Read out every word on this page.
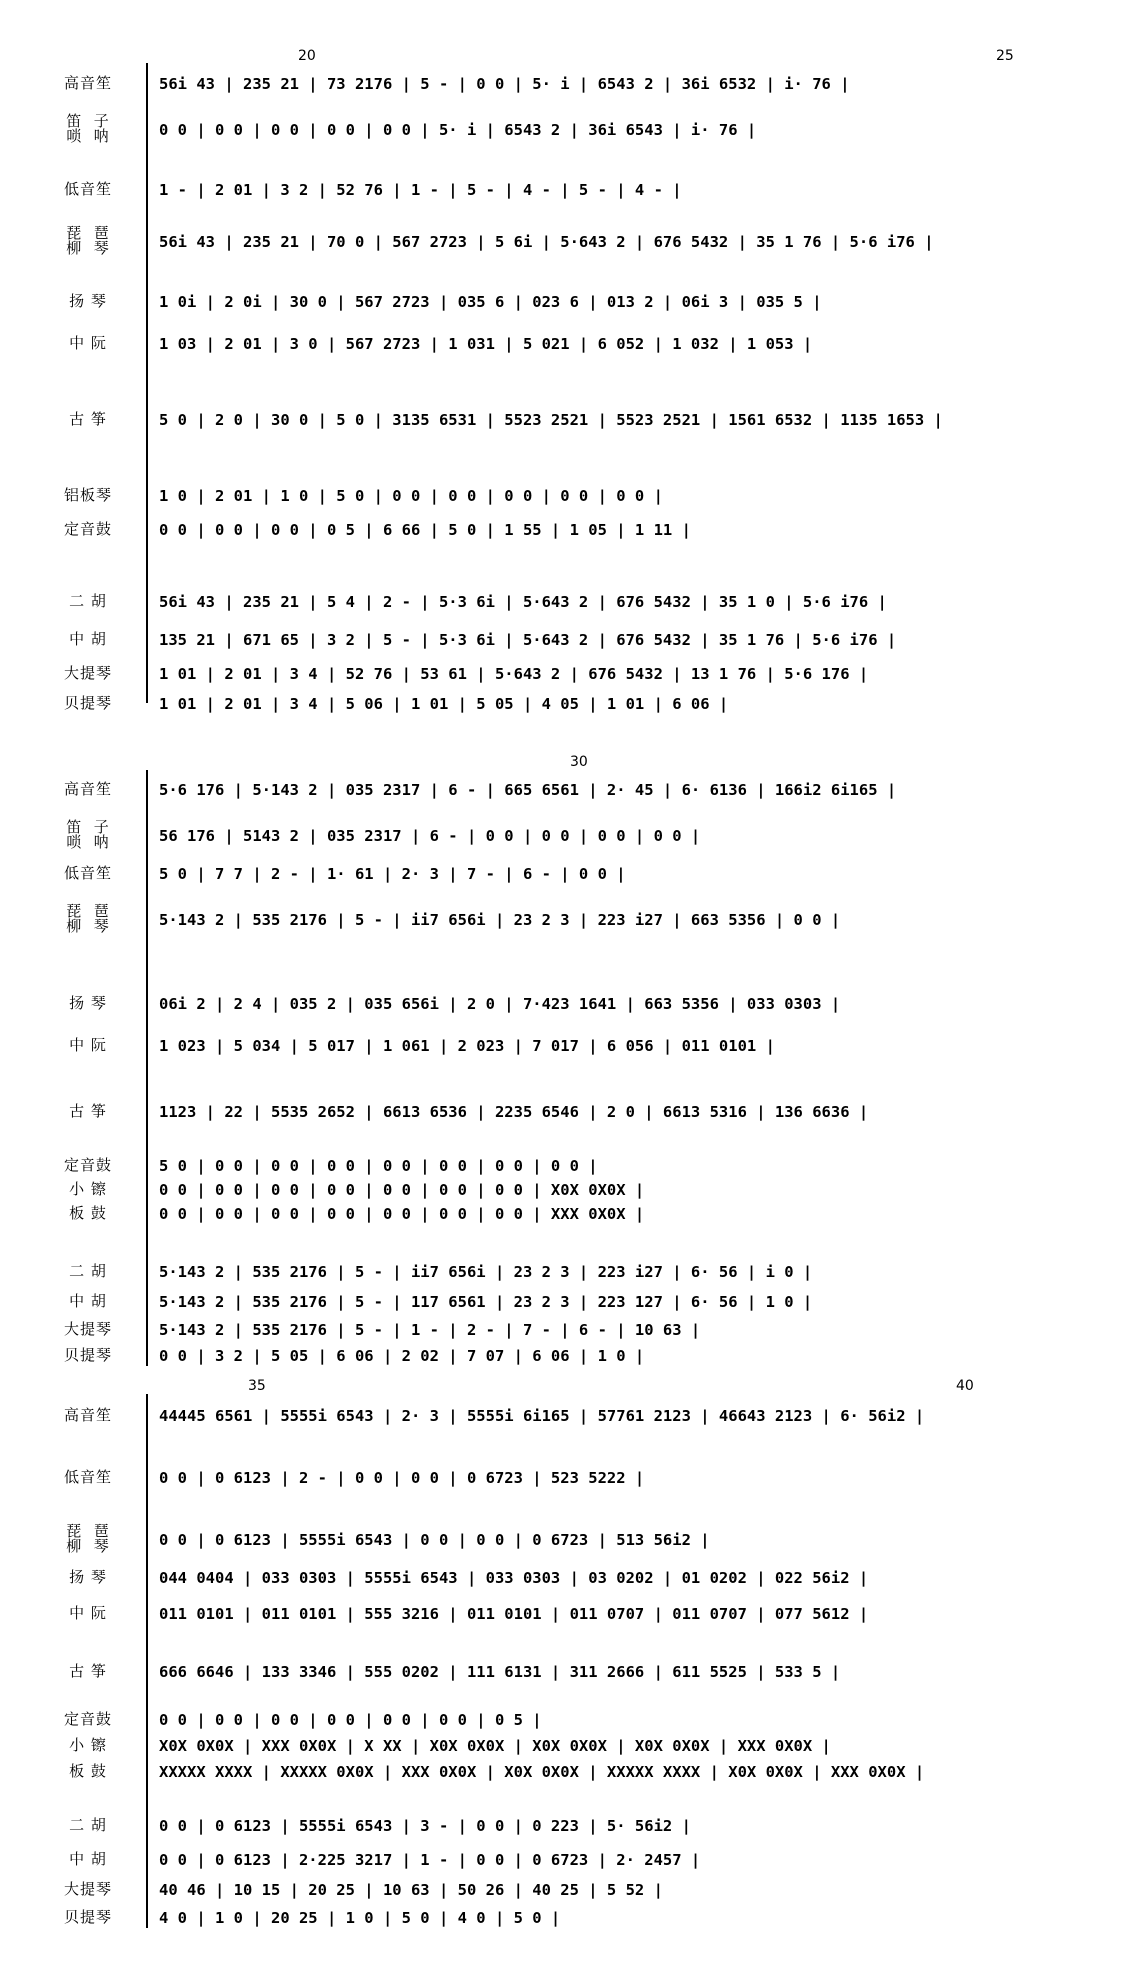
20	25
高音笙	56i 43 | 235 21 | 73 2176 | 5 - | 0 0 | 5· i | 6543 2 | 36i 6532 | i· 76 |
笛  子
唢  呐	0 0 | 0 0 | 0 0 | 0 0 | 0 0 | 5· i | 6543 2 | 36i 6543 | i· 76 |
低音笙	1 - | 2 01 | 3 2 | 52 76 | 1 - | 5 - | 4 - | 5 - | 4 - |
琵  琶
柳  琴	56i 43 | 235 21 | 70 0 | 567 2723 | 5 6i | 5·643 2 | 676 5432 | 35 1 76 | 5·6 i76 |
扬 琴	1 0i | 2 0i | 30 0 | 567 2723 | 035 6 | 023 6 | 013 2 | 06i 3 | 035 5 |
中 阮	1 03 | 2 01 | 3 0 | 567 2723 | 1 031 | 5 021 | 6 052 | 1 032 | 1 053 |
古 筝	5 0 | 2 0 | 30 0 | 5 0 | 3135 6531 | 5523 2521 | 5523 2521 | 1561 6532 | 1135 1653 |
铝板琴	1 0 | 2 01 | 1 0 | 5 0 | 0 0 | 0 0 | 0 0 | 0 0 | 0 0 |
定音鼓	0 0 | 0 0 | 0 0 | 0 5 | 6 66 | 5 0 | 1 55 | 1 05 | 1 11 |
二 胡	56i 43 | 235 21 | 5 4 | 2 - | 5·3 6i | 5·643 2 | 676 5432 | 35 1 0 | 5·6 i76 |
中 胡	135 21 | 671 65 | 3 2 | 5 - | 5·3 6i | 5·643 2 | 676 5432 | 35 1 76 | 5·6 i76 |
大提琴	1 01 | 2 01 | 3 4 | 52 76 | 53 61 | 5·643 2 | 676 5432 | 13 1 76 | 5·6 176 |
贝提琴	1 01 | 2 01 | 3 4 | 5 06 | 1 01 | 5 05 | 4 05 | 1 01 | 6 06 |
30
高音笙	5·6 176 | 5·143 2 | 035 2317 | 6 - | 665 6561 | 2· 45 | 6· 6136 | 166i2 6i165 |
笛  子
唢  呐	56 176 | 5143 2 | 035 2317 | 6 - | 0 0 | 0 0 | 0 0 | 0 0 |
低音笙	5 0 | 7 7 | 2 - | 1· 61 | 2· 3 | 7 - | 6 - | 0 0 |
琵  琶
柳  琴	5·143 2 | 535 2176 | 5 - | ii7 656i | 23 2 3 | 223 i27 | 663 5356 | 0 0 |
扬 琴	06i 2 | 2 4 | 035 2 | 035 656i | 2 0 | 7·423 1641 | 663 5356 | 033 0303 |
中 阮	1 023 | 5 034 | 5 017 | 1 061 | 2 023 | 7 017 | 6 056 | 011 0101 |
古 筝	1123 | 22 | 5535 2652 | 6613 6536 | 2235 6546 | 2 0 | 6613 5316 | 136 6636 |
定音鼓	5 0 | 0 0 | 0 0 | 0 0 | 0 0 | 0 0 | 0 0 | 0 0 |
小 镲	0 0 | 0 0 | 0 0 | 0 0 | 0 0 | 0 0 | 0 0 | X0X 0X0X |
板 鼓	0 0 | 0 0 | 0 0 | 0 0 | 0 0 | 0 0 | 0 0 | XXX 0X0X |
二 胡	5·143 2 | 535 2176 | 5 - | ii7 656i | 23 2 3 | 223 i27 | 6· 56 | i 0 |
中 胡	5·143 2 | 535 2176 | 5 - | 117 6561 | 23 2 3 | 223 127 | 6· 56 | 1 0 |
大提琴	5·143 2 | 535 2176 | 5 - | 1 - | 2 - | 7 - | 6 - | 10 63 |
贝提琴	0 0 | 3 2 | 5 05 | 6 06 | 2 02 | 7 07 | 6 06 | 1 0 |
35	40
高音笙	44445 6561 | 5555i 6543 | 2· 3 | 5555i 6i165 | 57761 2123 | 46643 2123 | 6· 56i2 |
低音笙	0 0 | 0 6123 | 2 - | 0 0 | 0 0 | 0 6723 | 523 5222 |
琵  琶
柳  琴	0 0 | 0 6123 | 5555i 6543 | 0 0 | 0 0 | 0 6723 | 513 56i2 |
扬 琴	044 0404 | 033 0303 | 5555i 6543 | 033 0303 | 03 0202 | 01 0202 | 022 56i2 |
中 阮	011 0101 | 011 0101 | 555 3216 | 011 0101 | 011 0707 | 011 0707 | 077 5612 |
古 筝	666 6646 | 133 3346 | 555 0202 | 111 6131 | 311 2666 | 611 5525 | 533 5 |
定音鼓	0 0 | 0 0 | 0 0 | 0 0 | 0 0 | 0 0 | 0 5 |
小 镲	X0X 0X0X | XXX 0X0X | X XX | X0X 0X0X | X0X 0X0X | X0X 0X0X | XXX 0X0X |
板 鼓	XXXXX XXXX | XXXXX 0X0X | XXX 0X0X | X0X 0X0X | XXXXX XXXX | X0X 0X0X | XXX 0X0X |
二 胡	0 0 | 0 6123 | 5555i 6543 | 3 - | 0 0 | 0 223 | 5· 56i2 |
中 胡	0 0 | 0 6123 | 2·225 3217 | 1 - | 0 0 | 0 6723 | 2· 2457 |
大提琴	40 46 | 10 15 | 20 25 | 10 63 | 50 26 | 40 25 | 5 52 |
贝提琴	4 0 | 1 0 | 20 25 | 1 0 | 5 0 | 4 0 | 5 0 |
